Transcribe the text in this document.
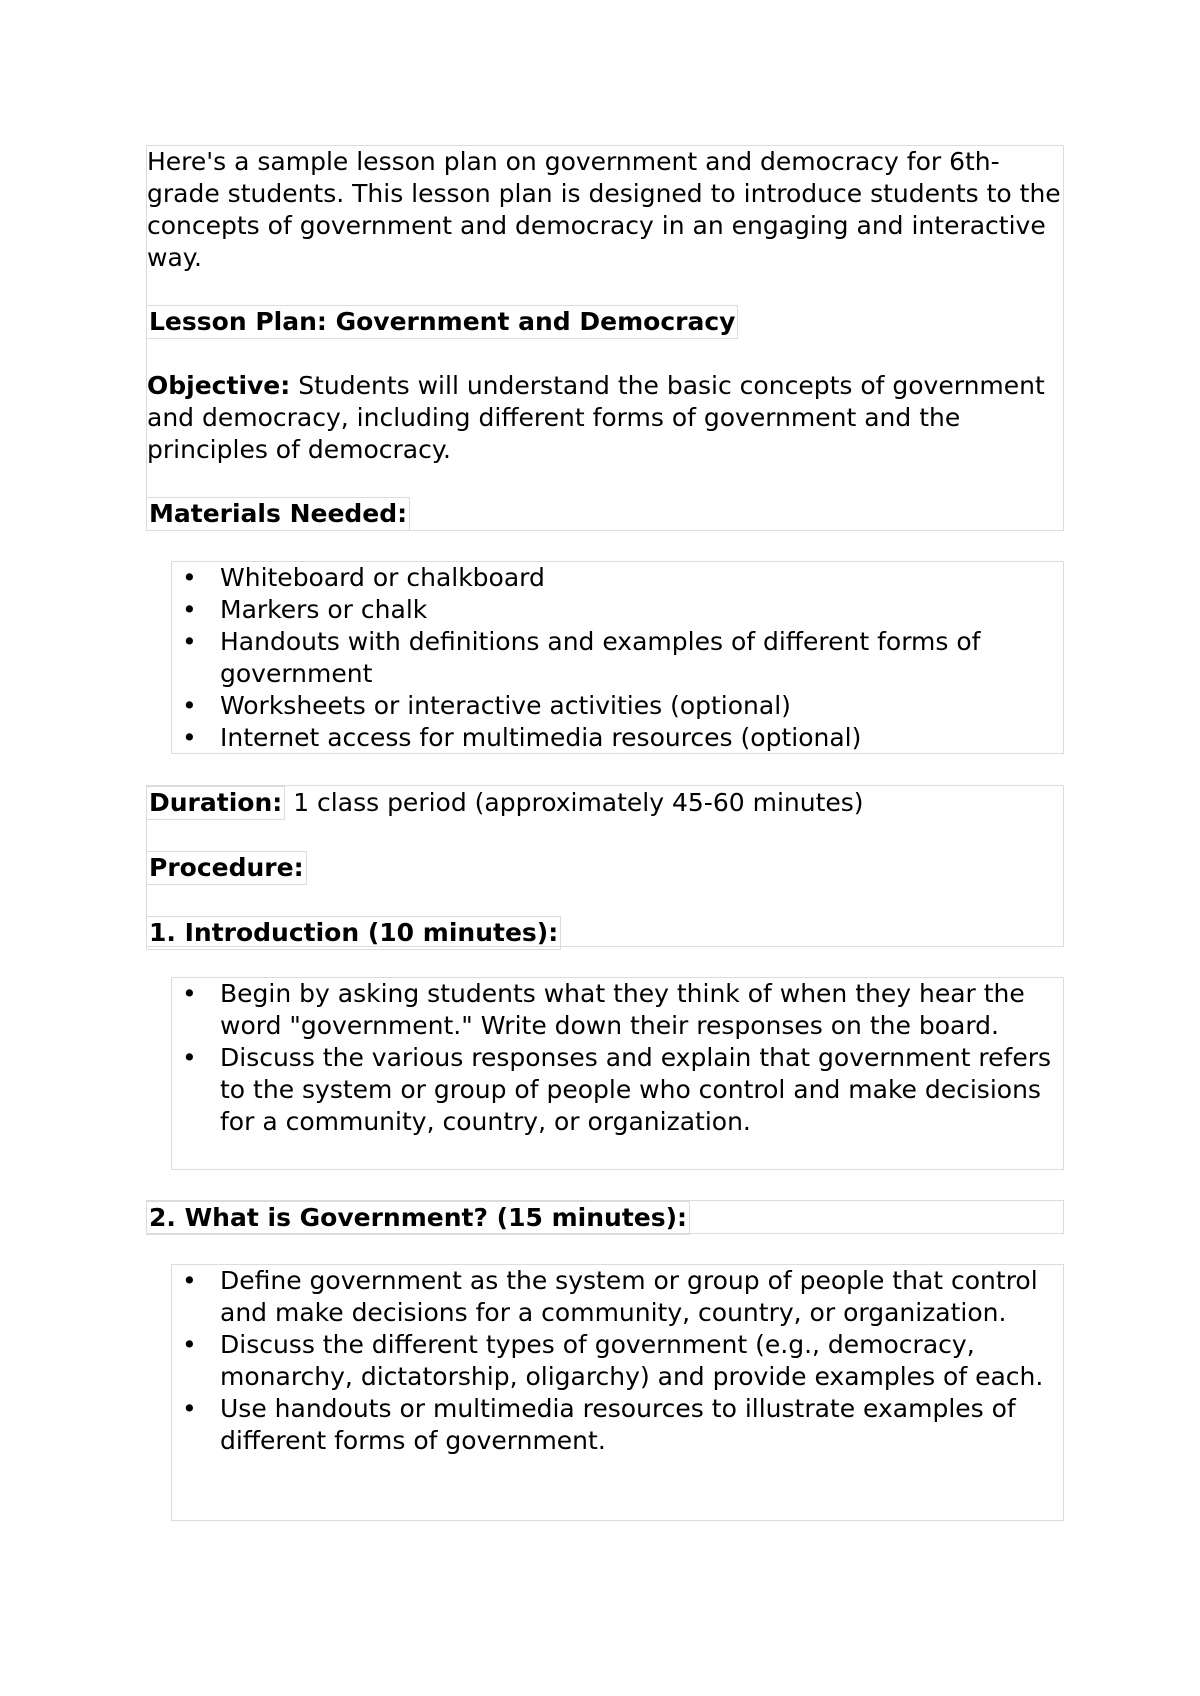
Here's a sample lesson plan on government and democracy for 6th-grade students. This lesson plan is designed to introduce students to the concepts of government and democracy in an engaging and interactive way.

Lesson Plan: Government and Democracy

Objective: Students will understand the basic concepts of government and democracy, including different forms of government and the principles of democracy.

Materials Needed:

• Whiteboard or chalkboard
• Markers or chalk
• Handouts with definitions and examples of different forms of government
• Worksheets or interactive activities (optional)
• Internet access for multimedia resources (optional)

Duration: 1 class period (approximately 45-60 minutes)

Procedure:

1. Introduction (10 minutes):

• Begin by asking students what they think of when they hear the word "government." Write down their responses on the board.
• Discuss the various responses and explain that government refers to the system or group of people who control and make decisions for a community, country, or organization.

2. What is Government? (15 minutes):

• Define government as the system or group of people that control and make decisions for a community, country, or organization.
• Discuss the different types of government (e.g., democracy, monarchy, dictatorship, oligarchy) and provide examples of each.
• Use handouts or multimedia resources to illustrate examples of different forms of government.
